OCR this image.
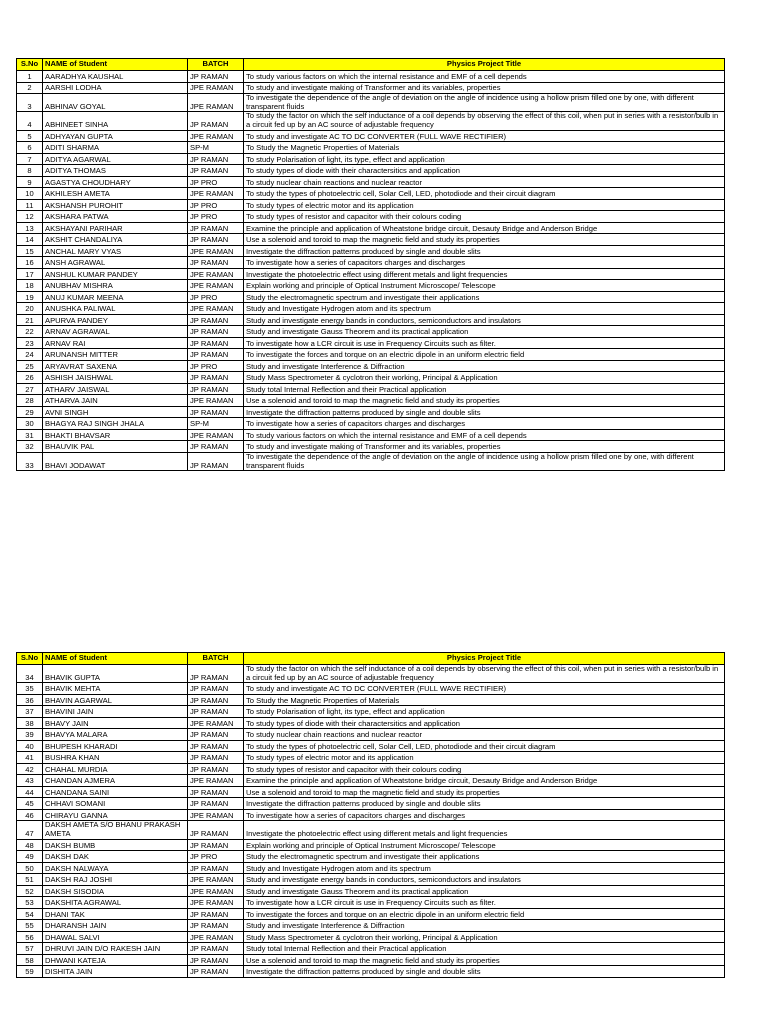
S.No	NAME of Student	BATCH	Physics Project Title
1	AARADHYA KAUSHAL	JP RAMAN	To study various factors on which the internal resistance and EMF of a cell depends
2	AARSHI LODHA	JPE RAMAN	To study and investigate making of Transformer and its variables, properties
3	ABHINAV GOYAL	JPE RAMAN	To investigate the dependence of the angle of deviation on the angle of incidence using a hollow prism filled one by one, with different transparent fluids
4	ABHINEET SINHA	JP RAMAN	To study the factor on which the self inductance of a coil depends by observing the effect of this coil, when put in series with a resistor/bulb in a circuit fed up by an AC source of adjustable frequency
5	ADHYAYAN GUPTA	JPE RAMAN	To study and investigate AC TO DC CONVERTER (FULL WAVE RECTIFIER)
6	ADITI SHARMA	SP-M	To Study the Magnetic Properties of Materials
7	ADITYA AGARWAL	JP RAMAN	To study Polarisation of light, its type, effect and application
8	ADITYA THOMAS	JP RAMAN	To study types of diode with their charactersitics and application
9	AGASTYA CHOUDHARY	JP PRO	To study nuclear chain reactions and nuclear reactor
10	AKHILESH AMETA	JPE RAMAN	To study the types of photoelectric cell, Solar Cell, LED, photodiode and their circuit diagram
11	AKSHANSH PUROHIT	JP PRO	To study types of electric motor and its application
12	AKSHARA PATWA	JP PRO	To study types of resistor and capacitor with their colours coding
13	AKSHAYANI PARIHAR	JP RAMAN	Examine the principle and application of Wheatstone bridge circuit, Desauty Bridge and Anderson Bridge
14	AKSHIT CHANDALIYA	JP RAMAN	Use a solenoid and toroid to map the magnetic field and study its properties
15	ANCHAL MARY VYAS	JPE RAMAN	Investigate the diffraction patterns produced by single and double slits
16	ANSH AGRAWAL	JP RAMAN	To investigate how a series of capacitors charges and discharges
17	ANSHUL KUMAR PANDEY	JPE RAMAN	Investigate the photoelectric effect using different metals and light frequencies
18	ANUBHAV MISHRA	JPE RAMAN	Explain working and principle of Optical Instrument Microscope/ Telescope
19	ANUJ KUMAR MEENA	JP PRO	Study the electromagnetic spectrum and investigate their applications
20	ANUSHKA PALIWAL	JPE RAMAN	Study and Investigate Hydrogen atom and its spectrum
21	APURVA PANDEY	JP RAMAN	Study and investigate energy bands in conductors, semiconductors and insulators
22	ARNAV AGRAWAL	JP RAMAN	Study and investigate Gauss Theorem and its practical application
23	ARNAV RAI	JP RAMAN	To investigate how a LCR circuit is use in Frequency Circuits such as filter.
24	ARUNANSH MITTER	JP RAMAN	To investigate the forces and torque on an electric dipole in an uniform electric field
25	ARYAVRAT SAXENA	JP PRO	Study and investigate Interference & Diffraction
26	ASHISH JAISHWAL	JP RAMAN	Study Mass Spectrometer & cyclotron their working, Principal & Application
27	ATHARV JAISWAL	JP RAMAN	Study total Internal Reflection and their Practical application
28	ATHARVA JAIN	JPE RAMAN	Use a solenoid and toroid to map the magnetic field and study its properties
29	AVNI SINGH	JP RAMAN	Investigate the diffraction patterns produced by single and double slits
30	BHAGYA RAJ SINGH JHALA	SP-M	To investigate how a series of capacitors charges and discharges
31	BHAKTI BHAVSAR	JPE RAMAN	To study various factors on which the internal resistance and EMF of a cell depends
32	BHAUVIK PAL	JP RAMAN	To study and investigate making of Transformer and its variables, properties
33	BHAVI JODAWAT	JP RAMAN	To investigate the dependence of the angle of deviation on the angle of incidence using a hollow prism filled one by one, with different transparent fluids
S.No	NAME of Student	BATCH	Physics Project Title
34	BHAVIK GUPTA	JP RAMAN	To study the factor on which the self inductance of a coil depends by observing the effect of this coil, when put in series with a resistor/bulb in a circuit fed up by an AC source of adjustable frequency
35	BHAVIK MEHTA	JP RAMAN	To study and investigate AC TO DC CONVERTER (FULL WAVE RECTIFIER)
36	BHAVIN AGARWAL	JP RAMAN	To Study the Magnetic Properties of Materials
37	BHAVINI JAIN	JP RAMAN	To study Polarisation of light, its type, effect and application
38	BHAVY JAIN	JPE RAMAN	To study types of diode with their charactersitics and application
39	BHAVYA MALARA	JP RAMAN	To study nuclear chain reactions and nuclear reactor
40	BHUPESH KHARADI	JP RAMAN	To study the types of photoelectric cell, Solar Cell, LED, photodiode and their circuit diagram
41	BUSHRA KHAN	JP RAMAN	To study types of electric motor and its application
42	CHAHAL MURDIA	JP RAMAN	To study types of resistor and capacitor with their colours coding
43	CHANDAN AJMERA	JPE RAMAN	Examine the principle and application of Wheatstone bridge circuit, Desauty Bridge and Anderson Bridge
44	CHANDANA SAINI	JP RAMAN	Use a solenoid and toroid to map the magnetic field and study its properties
45	CHHAVI SOMANI	JP RAMAN	Investigate the diffraction patterns produced by single and double slits
46	CHIRAYU GANNA	JPE RAMAN	To investigate how a series of capacitors charges and discharges
47	DAKSH AMETA S/O BHANU PRAKASH AMETA	JP RAMAN	Investigate the photoelectric effect using different metals and light frequencies
48	DAKSH BUMB	JP RAMAN	Explain working and principle of Optical Instrument Microscope/ Telescope
49	DAKSH DAK	JP PRO	Study the electromagnetic spectrum and investigate their applications
50	DAKSH NALWAYA	JP RAMAN	Study and Investigate Hydrogen atom and its spectrum
51	DAKSH RAJ JOSHI	JPE RAMAN	Study and investigate energy bands in conductors, semiconductors and insulators
52	DAKSH SISODIA	JPE RAMAN	Study and investigate Gauss Theorem and its practical application
53	DAKSHITA AGRAWAL	JPE RAMAN	To investigate how a LCR circuit is use in Frequency Circuits such as filter.
54	DHANI TAK	JP RAMAN	To investigate the forces and torque on an electric dipole in an uniform electric field
55	DHARANSH JAIN	JP RAMAN	Study and investigate Interference & Diffraction
56	DHAWAL SALVI	JPE RAMAN	Study Mass Spectrometer & cyclotron their working, Principal & Application
57	DHRUVI JAIN D/O RAKESH JAIN	JP RAMAN	Study total Internal Reflection and their Practical application
58	DHWANI KATEJA	JP RAMAN	Use a solenoid and toroid to map the magnetic field and study its properties
59	DISHITA JAIN	JP RAMAN	Investigate the diffraction patterns produced by single and double slits
